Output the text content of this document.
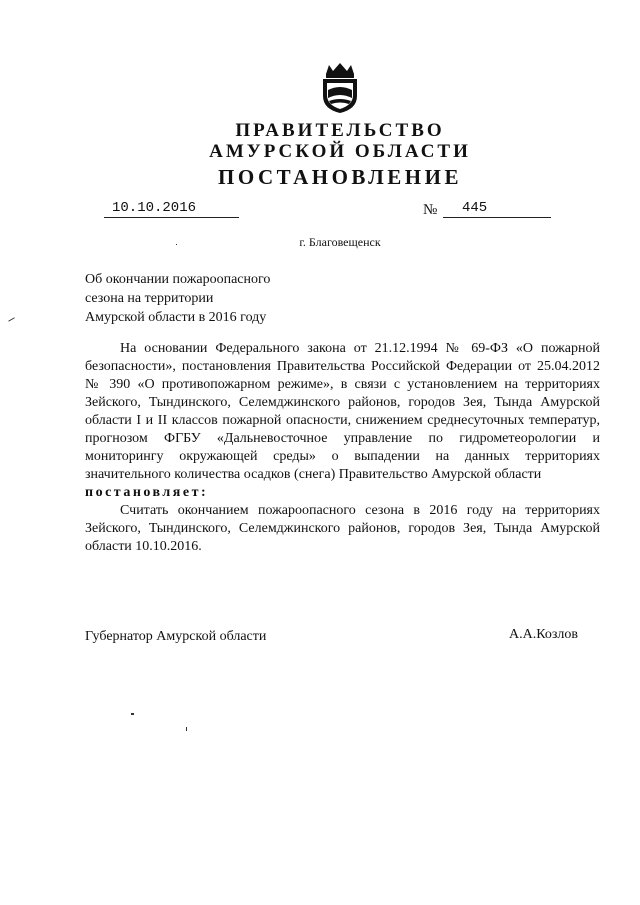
ПРАВИТЕЛЬСТВО
АМУРСКОЙ ОБЛАСТИ
ПОСТАНОВЛЕНИЕ
10.10.2016	№ 445
г. Благовещенск
Об окончании пожароопасного
сезона на территории
Амурской области в 2016 году

На основании Федерального закона от 21.12.1994 № 69-ФЗ «О пожарной безопасности», постановления Правительства Российской Федерации от 25.04.2012 № 390 «О противопожарном режиме», в связи с установлением на территориях Зейского, Тындинского, Селемджинского районов, городов Зея, Тында Амурской области I и II классов пожарной опасности, снижением среднесуточных температур, прогнозом ФГБУ «Дальневосточное управление по гидрометеорологии и мониторингу окружающей среды» о выпадении на данных территориях значительного количества осадков (снега) Правительство Амурской области

постановляет:

Считать окончанием пожароопасного сезона в 2016 году на территориях Зейского, Тындинского, Селемджинского районов, городов Зея, Тында Амурской области 10.10.2016.

Губернатор Амурской области	А.А.Козлов
